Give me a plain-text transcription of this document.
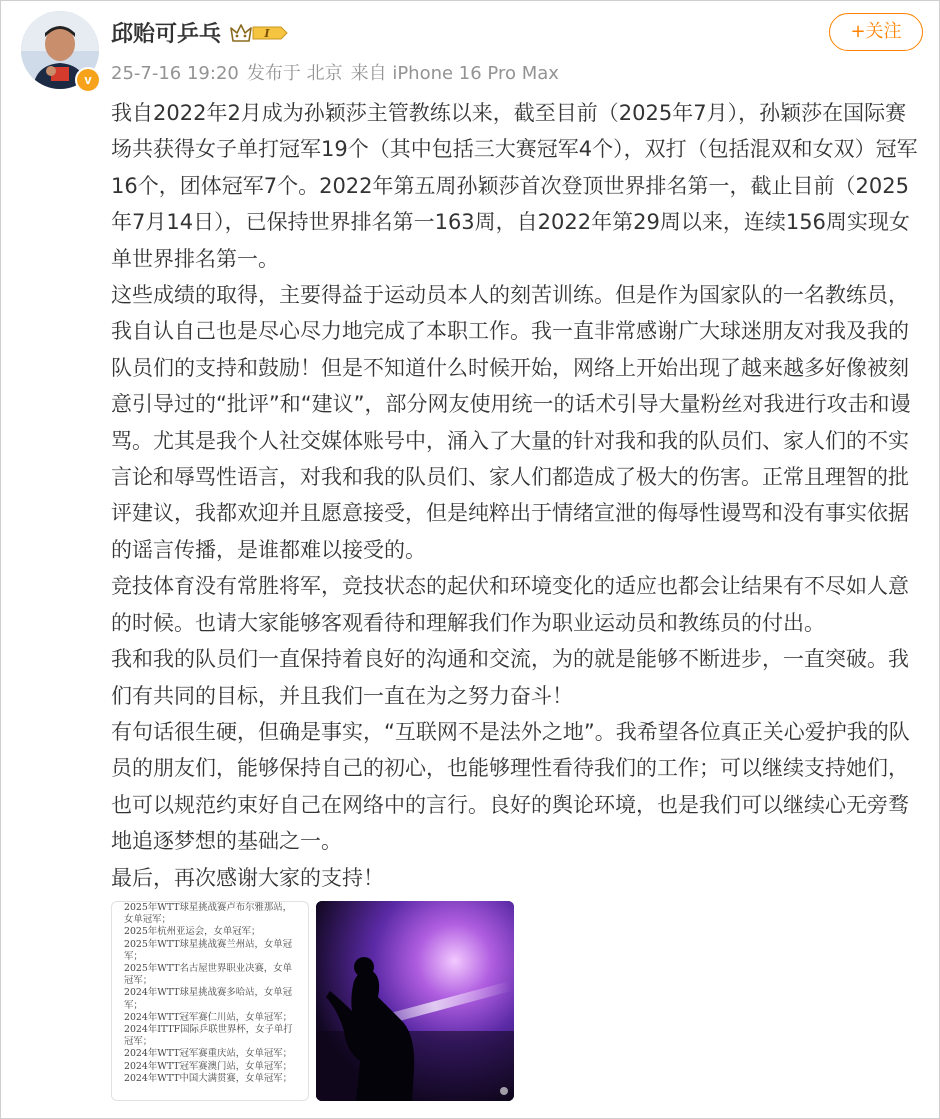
v
邱贻可乒乓	I
25-7-16 19:20 发布于 北京 来自 iPhone 16 Pro Max
+关注

我自2022年2月成为孙颖莎主管教练以来，截至目前（2025年7月），孙颖莎在国际赛场共获得女子单打冠军19个（其中包括三大赛冠军4个），双打（包括混双和女双）冠军16个，团体冠军7个。2022年第五周孙颖莎首次登顶世界排名第一，截止目前（2025年7月14日），已保持世界排名第一163周，自2022年第29周以来，连续156周实现女单世界排名第一。

这些成绩的取得，主要得益于运动员本人的刻苦训练。但是作为国家队的一名教练员，我自认自己也是尽心尽力地完成了本职工作。我一直非常感谢广大球迷朋友对我及我的队员们的支持和鼓励！但是不知道什么时候开始，网络上开始出现了越来越多好像被刻意引导过的“批评”和“建议”，部分网友使用统一的话术引导大量粉丝对我进行攻击和谩骂。尤其是我个人社交媒体账号中，涌入了大量的针对我和我的队员们、家人们的不实言论和辱骂性语言，对我和我的队员们、家人们都造成了极大的伤害。正常且理智的批评建议，我都欢迎并且愿意接受，但是纯粹出于情绪宣泄的侮辱性谩骂和没有事实依据的谣言传播，是谁都难以接受的。

竞技体育没有常胜将军，竞技状态的起伏和环境变化的适应也都会让结果有不尽如人意的时候。也请大家能够客观看待和理解我们作为职业运动员和教练员的付出。

我和我的队员们一直保持着良好的沟通和交流，为的就是能够不断进步，一直突破。我们有共同的目标，并且我们一直在为之努力奋斗！

有句话很生硬，但确是事实，“互联网不是法外之地”。我希望各位真正关心爱护我的队员的朋友们，能够保持自己的初心，也能够理性看待我们的工作；可以继续支持她们，也可以规范约束好自己在网络中的言行。良好的舆论环境，也是我们可以继续心无旁骛地追逐梦想的基础之一。

最后，再次感谢大家的支持！

2025年WTT球星挑战赛卢布尔雅那站，
女单冠军；
2025年杭州亚运会，女单冠军；
2025年WTT球星挑战赛兰州站，女单冠
军；
2025年WTT名古屋世界职业决赛，女单
冠军；
2024年WTT球星挑战赛多哈站，女单冠
军；
2024年WTT冠军赛仁川站，女单冠军；
2024年ITTF国际乒联世界杯，女子单打
冠军；
2024年WTT冠军赛重庆站，女单冠军；
2024年WTT冠军赛澳门站，女单冠军；
2024年WTT中国大满贯赛，女单冠军；
